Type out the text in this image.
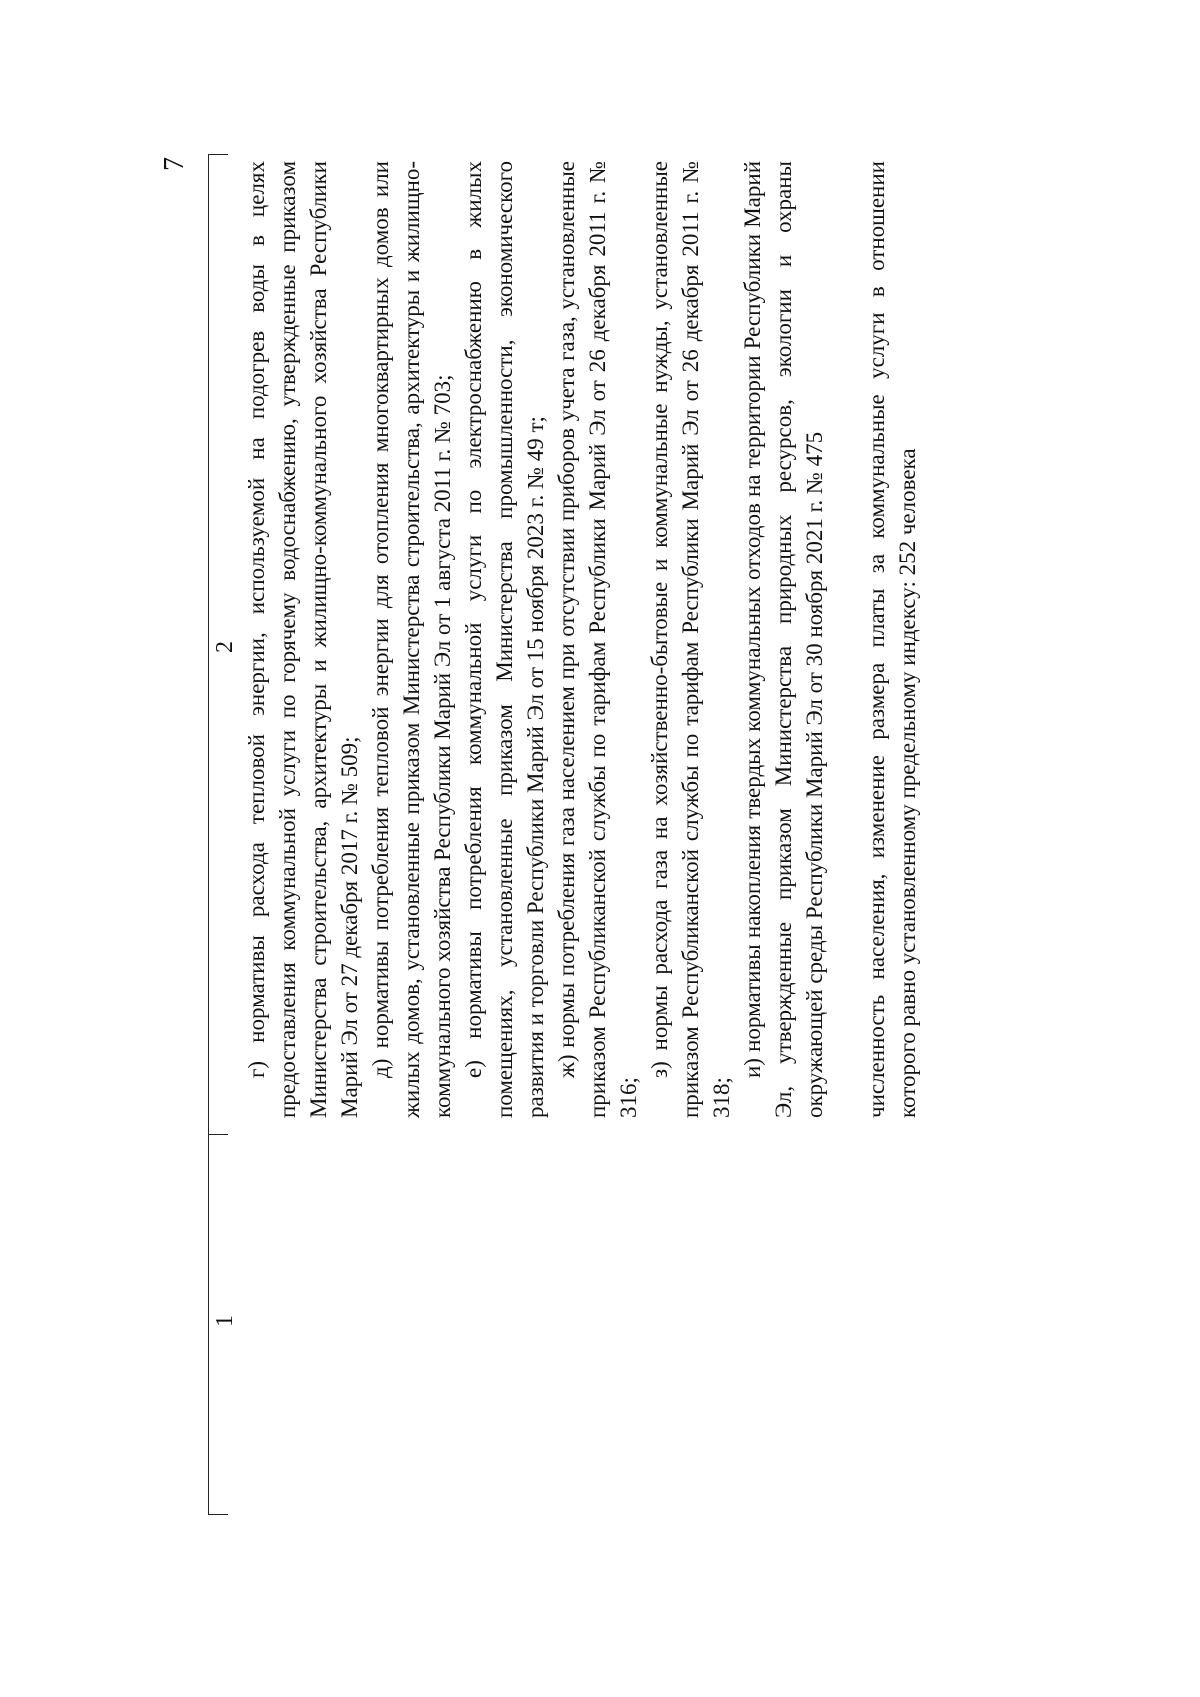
7
1
2 г) нормативы расхода тепловой энергии, используемой на подогрев воды в целях предоставления коммунальной услуги по горячему водоснабжению, утвержденные приказом Министерства строительства, архитектуры и жилищно-коммунального хозяйства Республики Марий Эл от 27 декабря 2017 г. № 509; д) нормативы потребления тепловой энергии для отопления многоквартирных домов или жилых домов, установленные приказом Министерства строительства, архитектуры и жилищно-коммунального хозяйства Республики Марий Эл от 1 августа 2011 г. № 703; е) нормативы потребления коммунальной услуги по электроснабжению в жилых помещениях, установленные приказом Министерства промышленности, экономического развития и торговли Республики Марий Эл от 15 ноября 2023 г. № 49 т; ж) нормы потребления газа населением при отсутствии приборов учета газа, установленные приказом Республиканской службы по тарифам Республики Марий Эл от 26 декабря 2011 г. № 316;

з) нормы расхода газа на хозяйственно-бытовые и коммунальные нужды, установленные приказом Республиканской службы по тарифам Республики Марий Эл от 26 декабря 2011 г. № 318;

и) нормативы накопления твердых коммунальных отходов на территории Республики Марий Эл, утвержденные приказом Министерства природных ресурсов, экологии и охраны окружающей среды Республики Марий Эл от 30 ноября 2021 г. № 475 численность населения, изменение размера платы за коммунальные услуги в отношении которого равно установленному предельному индексу: 252 человека
